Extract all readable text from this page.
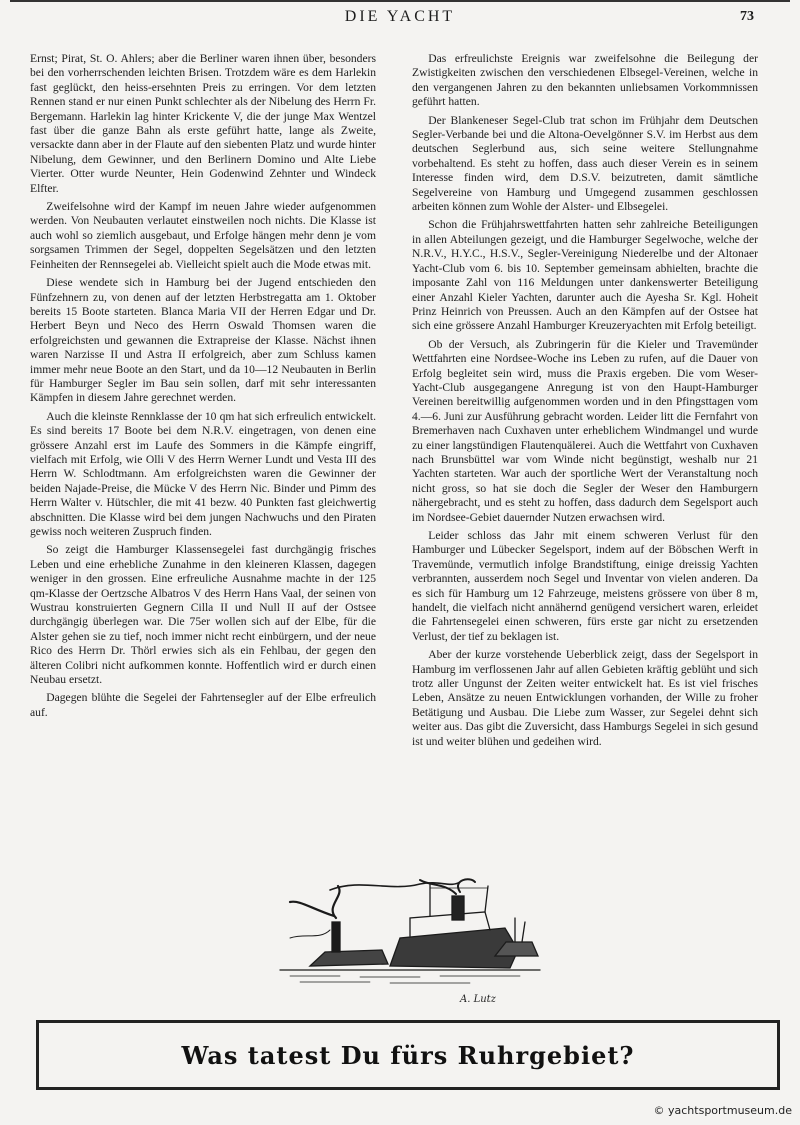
DIE YACHT	73

Ernst; Pirat, St. O. Ahlers; aber die Berliner waren ihnen über, besonders bei den vorherrschenden leichten Brisen. Trotzdem wäre es dem Harlekin fast geglückt, den heiss-ersehnten Preis zu erringen. Vor dem letzten Rennen stand er nur einen Punkt schlechter als der Nibelung des Herrn Fr. Bergemann. Harlekin lag hinter Krickente V, die der junge Max Wentzel fast über die ganze Bahn als erste geführt hatte, lange als Zweite, versackte dann aber in der Flaute auf den siebenten Platz und wurde hinter Nibelung, dem Gewinner, und den Berlinern Domino und Alte Liebe Vierter. Otter wurde Neunter, Hein Godenwind Zehnter und Windeck Elfter.

Zweifelsohne wird der Kampf im neuen Jahre wieder aufgenommen werden. Von Neubauten verlautet einstweilen noch nichts. Die Klasse ist auch wohl so ziemlich ausgebaut, und Erfolge hängen mehr denn je vom sorgsamen Trimmen der Segel, doppelten Segelsätzen und den letzten Feinheiten der Rennsegelei ab. Vielleicht spielt auch die Mode etwas mit.

Diese wendete sich in Hamburg bei der Jugend entschieden den Fünfzehnern zu, von denen auf der letzten Herbstregatta am 1. Oktober bereits 15 Boote starteten. Blanca Maria VII der Herren Edgar und Dr. Herbert Beyn und Neco des Herrn Oswald Thomsen waren die erfolgreichsten und gewannen die Extrapreise der Klasse. Nächst ihnen waren Narzisse II und Astra II erfolgreich, aber zum Schluss kamen immer mehr neue Boote an den Start, und da 10—12 Neubauten in Berlin für Hamburger Segler im Bau sein sollen, darf mit sehr interessanten Kämpfen in diesem Jahre gerechnet werden.

Auch die kleinste Rennklasse der 10 qm hat sich erfreulich entwickelt. Es sind bereits 17 Boote bei dem N.R.V. eingetragen, von denen eine grössere Anzahl erst im Laufe des Sommers in die Kämpfe eingriff, vielfach mit Erfolg, wie Olli V des Herrn Werner Lundt und Vesta III des Herrn W. Schlodtmann. Am erfolgreichsten waren die Gewinner der beiden Najade-Preise, die Mücke V des Herrn Nic. Binder und Pimm des Herrn Walter v. Hütschler, die mit 41 bezw. 40 Punkten fast gleichwertig abschnitten. Die Klasse wird bei dem jungen Nachwuchs und den Piraten gewiss noch weiteren Zuspruch finden.

So zeigt die Hamburger Klassensegelei fast durchgängig frisches Leben und eine erhebliche Zunahme in den kleineren Klassen, dagegen weniger in den grossen. Eine erfreuliche Ausnahme machte in der 125 qm-Klasse der Oertzsche Albatros V des Herrn Hans Vaal, der seinen von Wustrau konstruierten Gegnern Cilla II und Null II auf der Ostsee durchgängig überlegen war. Die 75er wollen sich auf der Elbe, für die Alster gehen sie zu tief, noch immer nicht recht einbürgern, und der neue Rico des Herrn Dr. Thörl erwies sich als ein Fehlbau, der gegen den älteren Colibri nicht aufkommen konnte. Hoffentlich wird er durch einen Neubau ersetzt.

Dagegen blühte die Segelei der Fahrtensegler auf der Elbe erfreulich auf.

Das erfreulichste Ereignis war zweifelsohne die Beilegung der Zwistigkeiten zwischen den verschiedenen Elbsegel-Vereinen, welche in den vergangenen Jahren zu den bekannten unliebsamen Vorkommnissen geführt hatten.

Der Blankeneser Segel-Club trat schon im Frühjahr dem Deutschen Segler-Verbande bei und die Altona-Oevelgönner S.V. im Herbst aus dem deutschen Seglerbund aus, sich seine weitere Stellungnahme vorbehaltend. Es steht zu hoffen, dass auch dieser Verein es in seinem Interesse finden wird, dem D.S.V. beizutreten, damit sämtliche Segelvereine von Hamburg und Umgegend zusammen geschlossen arbeiten können zum Wohle der Alster- und Elbsegelei.

Schon die Frühjahrswettfahrten hatten sehr zahlreiche Beteiligungen in allen Abteilungen gezeigt, und die Hamburger Segelwoche, welche der N.R.V., H.Y.C., H.S.V., Segler-Vereinigung Niederelbe und der Altonaer Yacht-Club vom 6. bis 10. September gemeinsam abhielten, brachte die imposante Zahl von 116 Meldungen unter dankenswerter Beteiligung einer Anzahl Kieler Yachten, darunter auch die Ayesha Sr. Kgl. Hoheit Prinz Heinrich von Preussen. Auch an den Kämpfen auf der Ostsee hat sich eine grössere Anzahl Hamburger Kreuzeryachten mit Erfolg beteiligt.

Ob der Versuch, als Zubringerin für die Kieler und Travemünder Wettfahrten eine Nordsee-Woche ins Leben zu rufen, auf die Dauer von Erfolg begleitet sein wird, muss die Praxis ergeben. Die vom Weser-Yacht-Club ausgegangene Anregung ist von den Haupt-Hamburger Vereinen bereitwillig aufgenommen worden und in den Pfingsttagen vom 4.—6. Juni zur Ausführung gebracht worden. Leider litt die Fernfahrt von Bremerhaven nach Cuxhaven unter erheblichem Windmangel und wurde zu einer langstündigen Flautenquälerei. Auch die Wettfahrt von Cuxhaven nach Brunsbüttel war vom Winde nicht begünstigt, weshalb nur 21 Yachten starteten. War auch der sportliche Wert der Veranstaltung noch nicht gross, so hat sie doch die Segler der Weser den Hamburgern nähergebracht, und es steht zu hoffen, dass dadurch dem Segelsport auch im Nordsee-Gebiet dauernder Nutzen erwachsen wird.

Leider schloss das Jahr mit einem schweren Verlust für den Hamburger und Lübecker Segelsport, indem auf der Böbschen Werft in Travemünde, vermutlich infolge Brandstiftung, einige dreissig Yachten verbrannten, ausserdem noch Segel und Inventar von vielen anderen. Da es sich für Hamburg um 12 Fahrzeuge, meistens grössere von über 8 m, handelt, die vielfach nicht annähernd genügend versichert waren, erleidet die Fahrtensegelei einen schweren, fürs erste gar nicht zu ersetzenden Verlust, der tief zu beklagen ist.

Aber der kurze vorstehende Ueberblick zeigt, dass der Segelsport in Hamburg im verflossenen Jahr auf allen Gebieten kräftig geblüht und sich trotz aller Ungunst der Zeiten weiter entwickelt hat. Es ist viel frisches Leben, Ansätze zu neuen Entwicklungen vorhanden, der Wille zu froher Betätigung und Ausbau. Die Liebe zum Wasser, zur Segelei dehnt sich weiter aus. Das gibt die Zuversicht, dass Hamburgs Segelei in sich gesund ist und weiter blühen und gedeihen wird.

A. Lutz
Was tatest Du fürs Ruhrgebiet?
© yachtsportmuseum.de
